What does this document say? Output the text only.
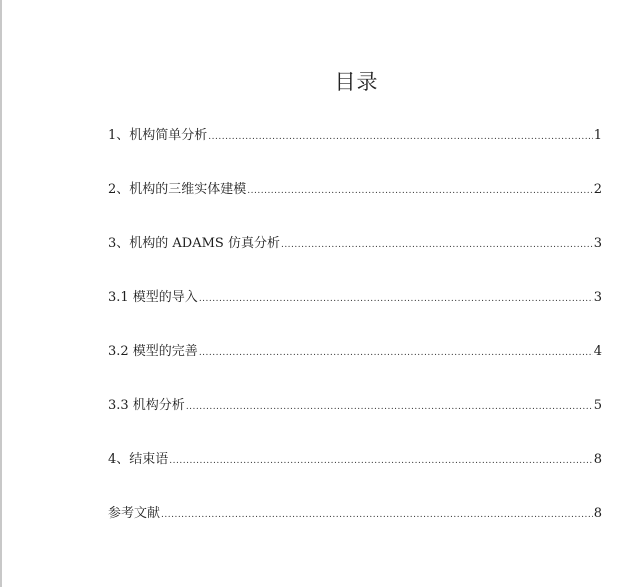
目录
1、机构简单分析 .....	1
2、机构的三维实体建模 .....	2
3、机构的 ADAMS 仿真分析 .....	3
3.1 模型的导入 .....	3
3.2 模型的完善 .....	4
3.3 机构分析 .....	5
4、结束语 .....	8
参考文献 .....	8
